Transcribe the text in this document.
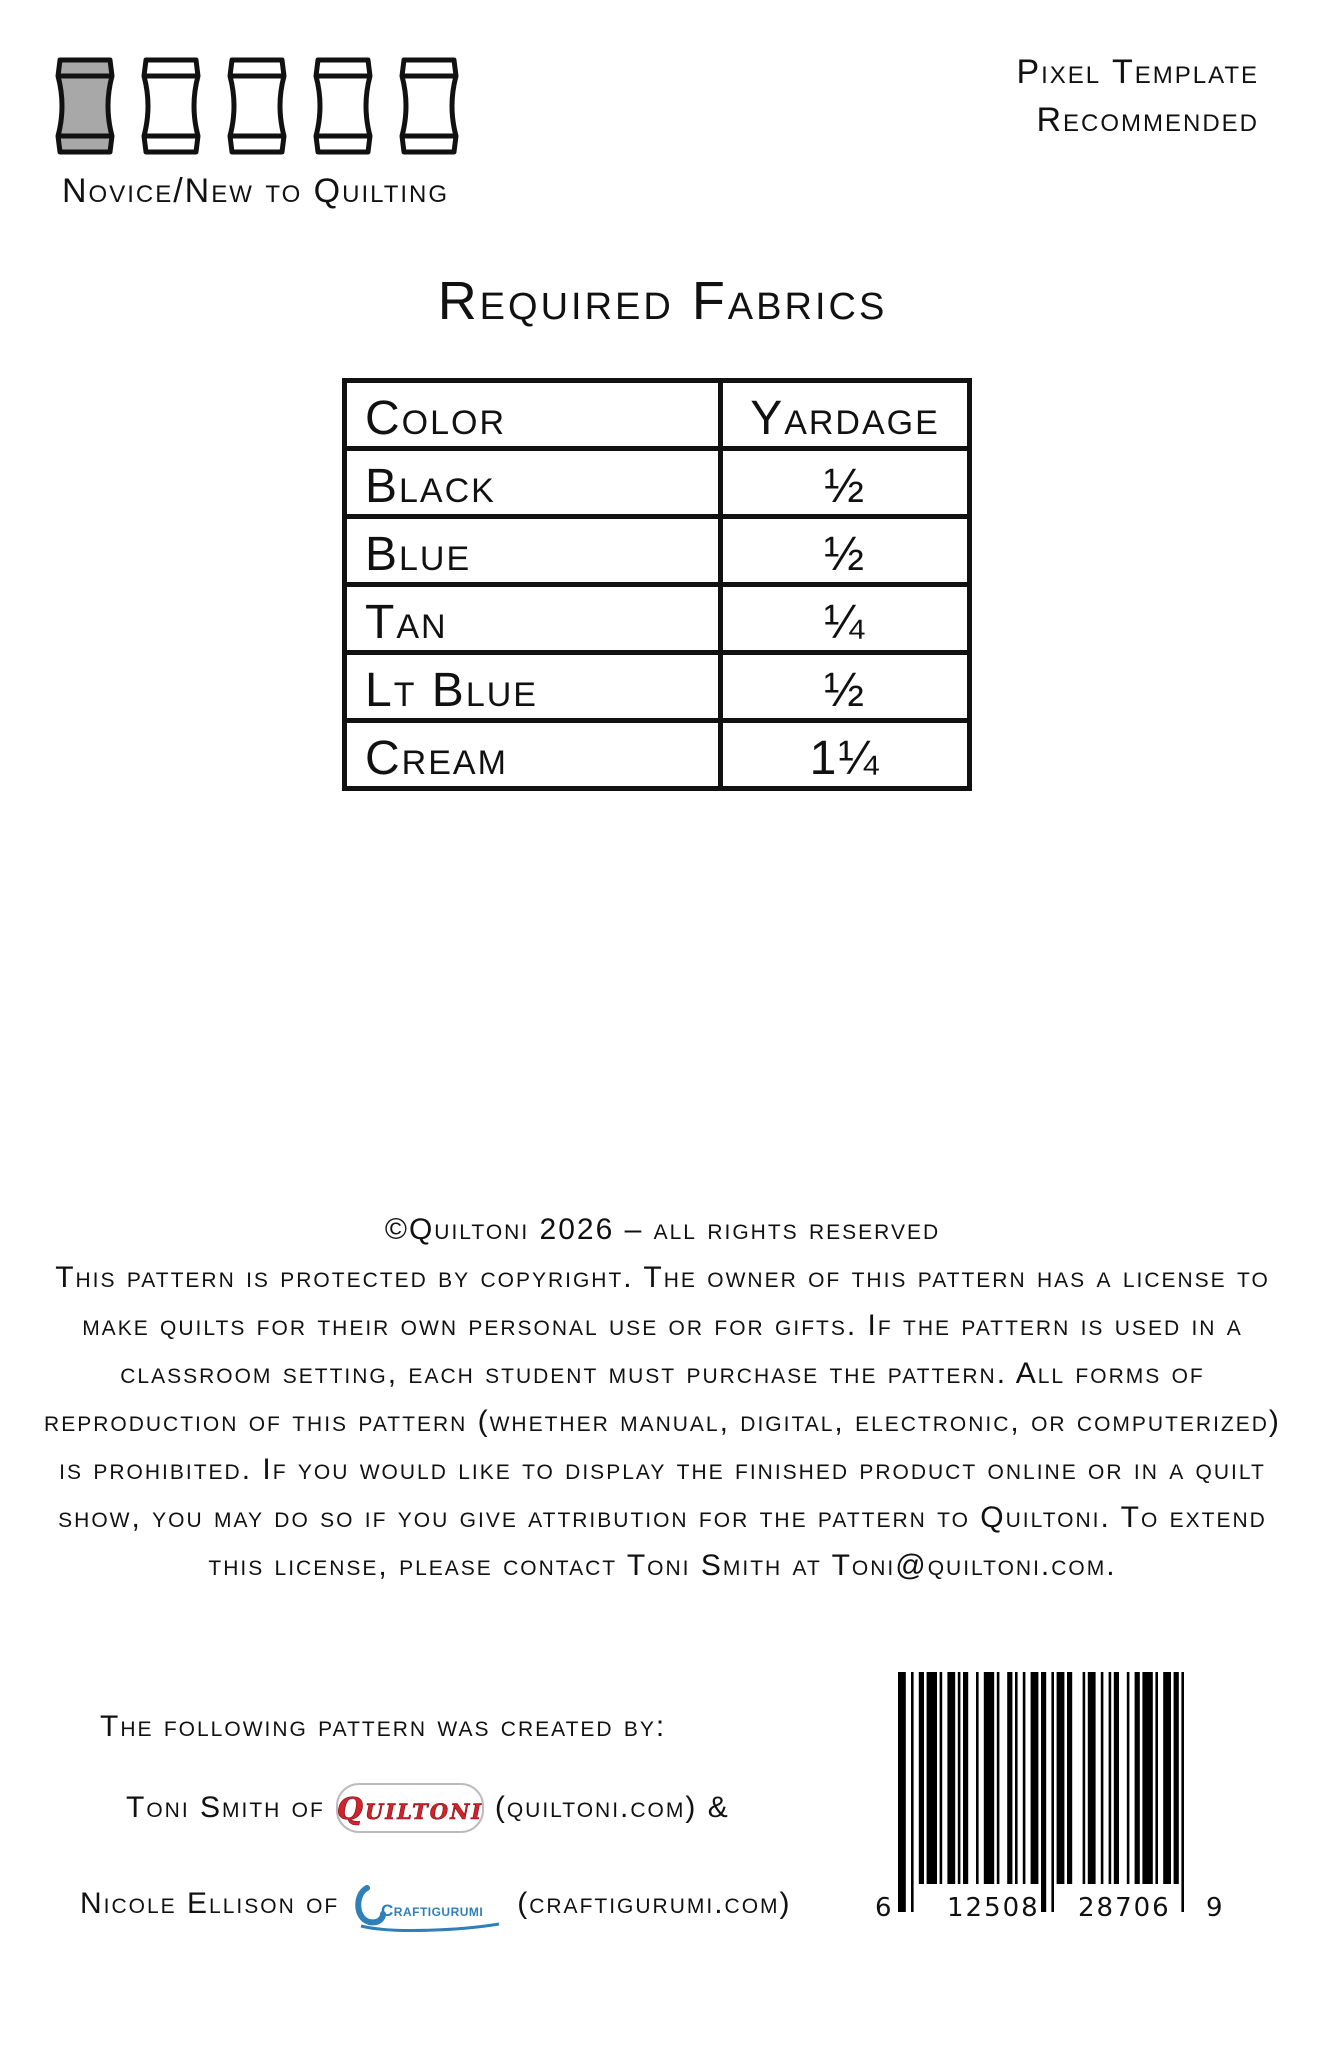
Novice/New to Quilting
Pixel Template
Recommended
Required Fabrics
Color	Yardage
Black	½
Blue	½
Tan	¼
Lt Blue	½
Cream	1¼
©Quiltoni 2026 – all rights reserved
This pattern is protected by copyright. The owner of this pattern has a license to make quilts for their own personal use or for gifts. If the pattern is used in a classroom setting, each student must purchase the pattern. All forms of reproduction of this pattern (whether manual, digital, electronic, or computerized) is prohibited. If you would like to display the finished product online or in a quilt show, you may do so if you give attribution for the pattern to Quiltoni. To extend this license, please contact Toni Smith at Toni@quiltoni.com.
The following pattern was created by:
Toni Smith of Quiltoni (quiltoni.com) &
Nicole Ellison of Craftigurumi (craftigurumi.com)	6 12508 28706 9
